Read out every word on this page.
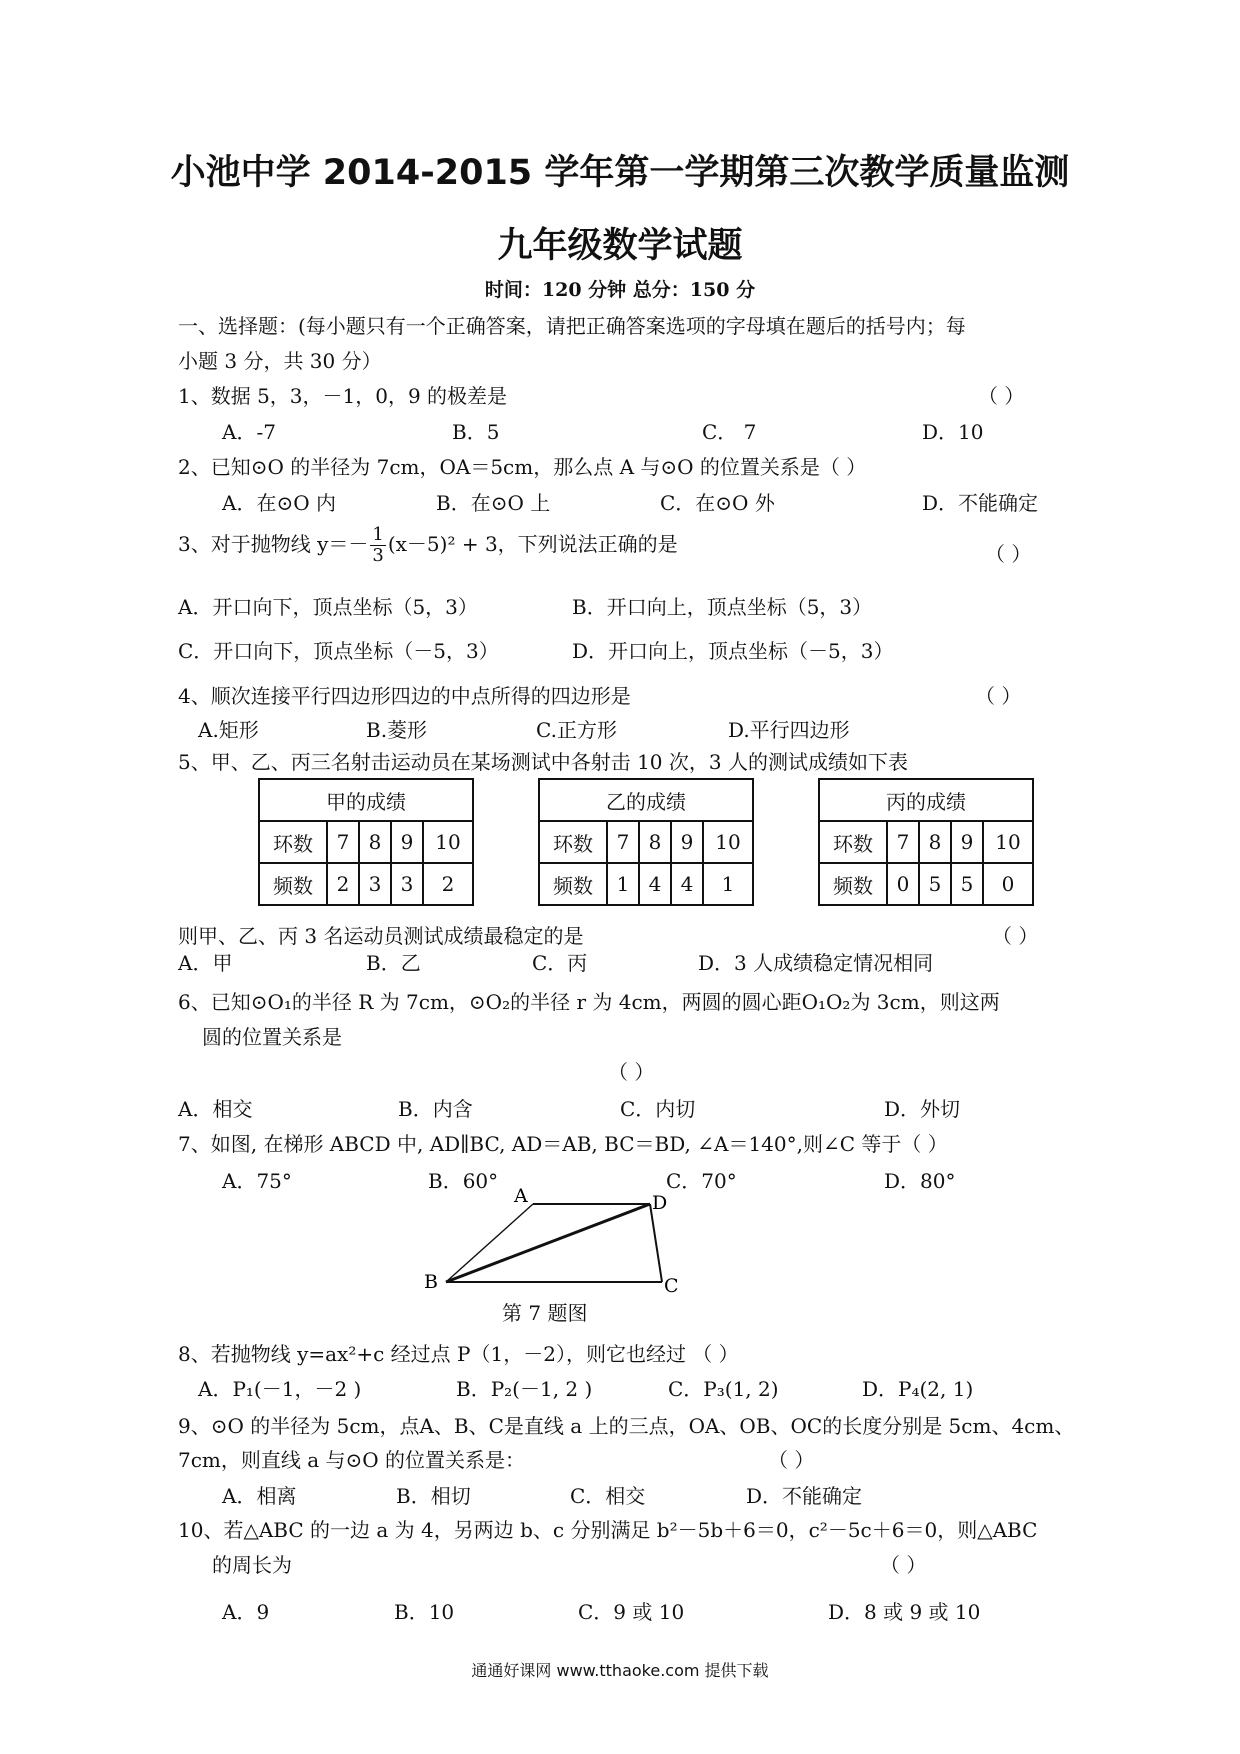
小池中学 2014-2015 学年第一学期第三次教学质量监测
九年级数学试题
时间：120 分钟 总分：150 分
一、选择题：(每小题只有一个正确答案，请把正确答案选项的字母填在题后的括号内；每
小题 3 分，共 30 分）
1、数据 5，3，－1，0，9 的极差是	（ ）
A．-7	B．5	C． 7	D．10
2、已知⊙O 的半径为 7cm，OA＝5cm，那么点 A 与⊙O 的位置关系是（ ）
A．在⊙O 内	B．在⊙O 上	C．在⊙O 外	D．不能确定
3、对于抛物线 $y=- \frac{1}{3} (x-5)^2 + 3$，下列说法正确的是	（ ）
A．开口向下，顶点坐标（5，3）	B．开口向上，顶点坐标（5，3）
C．开口向下，顶点坐标（－5，3）	D．开口向上，顶点坐标（－5，3）
4、顺次连接平行四边形四边的中点所得的四边形是	（ ）
A.矩形	B.菱形	C.正方形	D.平行四边形
5、甲、乙、丙三名射击运动员在某场测试中各射击 10 次，3 人的测试成绩如下表
甲的成绩				
环数	7	8	9	10
频数	2	3	3	2
乙的成绩				
环数	7	8	9	10
频数	1	4	4	1
丙的成绩				
环数	7	8	9	10
频数	0	5	5	0
则甲、乙、丙 3 名运动员测试成绩最稳定的是	（ ）
A．甲	B．乙	C．丙	D．3 人成绩稳定情况相同
6、已知⊙O₁的半径 R 为 7cm，⊙O₂的半径 r 为 4cm，两圆的圆心距O₁O₂为 3cm，则这两
圆的位置关系是
（ ）
A．相交	B．内含	C．内切	D．外切
7、如图, 在梯形 ABCD 中, AD∥BC, AD＝AB, BC＝BD, ∠A＝140°,则∠C 等于（ ）
A．75°	B．60°	C．70°	D．80°
A	D
B	C
第 7 题图
8、若抛物线 y=ax²+c 经过点 P（1，－2），则它也经过 （ ）
A．P₁(－1，－2 )	B．P₂(－1, 2 )	C．P₃(1, 2)	D．P₄(2, 1)
9、⊙O 的半径为 5cm，点A、B、C是直线 a 上的三点，OA、OB、OC的长度分别是 5cm、4cm、
7cm，则直线 a 与⊙O 的位置关系是：	（ ）
A．相离	B．相切	C．相交	D．不能确定
10、若△ABC 的一边 a 为 4，另两边 b、c 分别满足 b²－5b＋6＝0，c²－5c＋6＝0，则△ABC
的周长为	（ ）
A．9	B．10	C．9 或 10	D．8 或 9 或 10
通通好课网 www.tthaoke.com 提供下载
